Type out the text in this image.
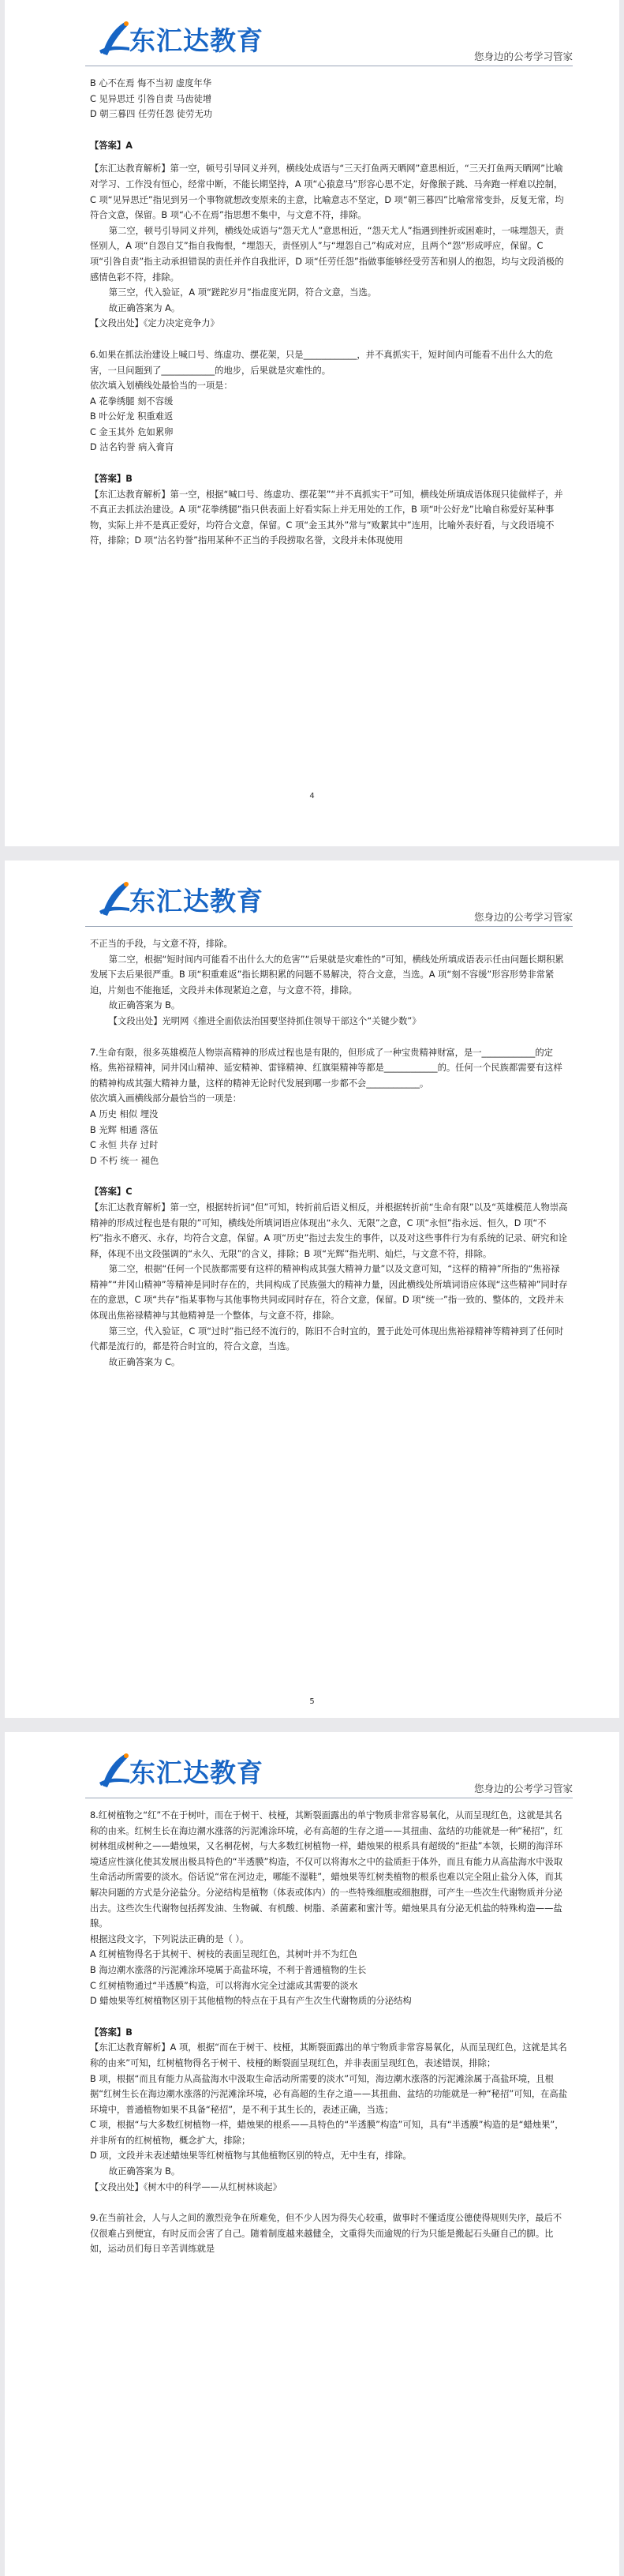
东汇达教育
您身边的公考学习管家

B 心不在焉 悔不当初 虚度年华

C 见异思迁 引咎自责 马齿徒增

D 朝三暮四 任劳任怨 徒劳无功

【答案】A

【东汇达教育解析】第一空，顿号引导同义并列，横线处成语与“三天打鱼两天晒网”意思相近，“三天打鱼两天晒网”比喻对学习、工作没有恒心，经常中断，不能长期坚持，A 项“心猿意马”形容心思不定，好像猴子跳、马奔跑一样难以控制，C 项“见异思迁”指见到另一个事物就想改变原来的主意，比喻意志不坚定，D 项“朝三暮四”比喻常常变卦，反复无常，均符合文意，保留。B 项“心不在焉”指思想不集中，与文意不符，排除。

第二空，顿号引导同义并列，横线处成语与“怨天尤人”意思相近，“怨天尤人”指遇到挫折或困难时，一味埋怨天，责怪别人，A 项“自怨自艾”指自我悔恨，“埋怨天，责怪别人”与“埋怨自己”构成对应，且两个“怨”形成呼应，保留。C 项“引咎自责”指主动承担错误的责任并作自我批评，D 项“任劳任怨”指做事能够经受劳苦和别人的抱怨，均与文段消极的感情色彩不符，排除。

第三空，代入验证，A 项“蹉跎岁月”指虚度光阴，符合文意，当选。

故正确答案为 A。

【文段出处】《定力决定竞争力》

6.如果在抓法治建设上喊口号、练虚功、摆花架，只是____________，并不真抓实干，短时间内可能看不出什么大的危害，一旦问题到了____________的地步，后果就是灾难性的。

依次填入划横线处最恰当的一项是：

A 花拳绣腿 刻不容缓

B 叶公好龙 积重难返

C 金玉其外 危如累卵

D 沽名钓誉 病入膏肓

【答案】B

【东汇达教育解析】第一空，根据“喊口号、练虚功、摆花架”“并不真抓实干”可知，横线处所填成语体现只徒做样子，并不真正去抓法治建设。A 项“花拳绣腿”指只供表面上好看实际上并无用处的工作，B 项“叶公好龙”比喻自称爱好某种事物，实际上并不是真正爱好，均符合文意，保留。C 项“金玉其外”常与“败絮其中”连用，比喻外表好看，与文段语境不符，排除；D 项“沽名钓誉”指用某种不正当的手段捞取名誉，文段并未体现使用

4
东汇达教育
您身边的公考学习管家

不正当的手段，与文意不符，排除。

第二空，根据“短时间内可能看不出什么大的危害”“后果就是灾难性的”可知，横线处所填成语表示任由问题长期积累发展下去后果很严重。B 项“积重难返”指长期积累的问题不易解决，符合文意，当选。A 项“刻不容缓”形容形势非常紧迫，片刻也不能拖延，文段并未体现紧迫之意，与文意不符，排除。

故正确答案为 B。

【文段出处】光明网《推进全面依法治国要坚持抓住领导干部这个“关键少数”》

7.生命有限，很多英雄模范人物崇高精神的形成过程也是有限的，但形成了一种宝贵精神财富，是一____________的定格。焦裕禄精神，同井冈山精神、延安精神、雷锋精神、红旗渠精神等都是____________的。任何一个民族都需要有这样的精神构成其强大精神力量，这样的精神无论时代发展到哪一步都不会____________。

依次填入画横线部分最恰当的一项是：

A 历史 相似 埋没

B 光辉 相通 落伍

C 永恒 共存 过时

D 不朽 统一 褪色

【答案】C

【东汇达教育解析】第一空，根据转折词“但”可知，转折前后语义相反，并根据转折前“生命有限”以及“英雄模范人物崇高精神的形成过程也是有限的”可知，横线处所填词语应体现出“永久、无限”之意，C 项“永恒”指永远、恒久，D 项“不朽”指永不磨灭、永存，均符合文意，保留。A 项“历史”指过去发生的事件，以及对这些事件行为有系统的记录、研究和诠释，体现不出文段强调的“永久、无限”的含义，排除；B 项“光辉”指光明、灿烂，与文意不符，排除。

第二空，根据“任何一个民族都需要有这样的精神构成其强大精神力量”以及文意可知，“这样的精神”所指的“焦裕禄精神”“井冈山精神”等精神是同时存在的，共同构成了民族强大的精神力量，因此横线处所填词语应体现“这些精神”同时存在的意思，C 项“共存”指某事物与其他事物共同或同时存在，符合文意，保留。D 项“统一”指一致的、整体的，文段并未体现出焦裕禄精神与其他精神是一个整体，与文意不符，排除。

第三空，代入验证，C 项“过时”指已经不流行的，陈旧不合时宜的，置于此处可体现出焦裕禄精神等精神到了任何时代都是流行的，都是符合时宜的，符合文意，当选。

故正确答案为 C。

5
东汇达教育
您身边的公考学习管家

8.红树植物之“红”不在于树叶，而在于树干、枝桠，其断裂面露出的单宁物质非常容易氧化，从而呈现红色，这就是其名称的由来。红树生长在海边潮水涨落的污泥滩涂环境，必有高超的生存之道——其扭曲、盆结的功能就是一种“秘招”，红树林组成树种之——蜡烛果，又名桐花树，与大多数红树植物一样，蜡烛果的根系具有超级的“拒盐”本领，长期的海洋环境适应性演化使其发展出极具特色的“半透膜”构造，不仅可以将海水之中的盐质拒于体外，而且有能力从高盐海水中汲取生命活动所需要的淡水。俗话说“常在河边走，哪能不湿鞋”，蜡烛果等红树类植物的根系也难以完全阻止盐分入体，而其解决问题的方式是分泌盐分。分泌结构是植物（体表或体内）的一些特殊细胞或细胞群，可产生一些次生代谢物质并分泌出去。这些次生代谢物包括挥发油、生物碱、有机酸、树脂、杀菌素和蜜汁等。蜡烛果具有分泌无机盐的特殊构造——盐腺。

根据这段文字，下列说法正确的是（ ）。

A 红树植物得名于其树干、树枝的表面呈现红色，其树叶并不为红色

B 海边潮水涨落的污泥滩涂环境属于高盐环境，不利于普通植物的生长

C 红树植物通过“半透膜”构造，可以将海水完全过滤成其需要的淡水

D 蜡烛果等红树植物区别于其他植物的特点在于具有产生次生代谢物质的分泌结构

【答案】B

【东汇达教育解析】A 项，根据“而在于树干、枝桠，其断裂面露出的单宁物质非常容易氧化，从而呈现红色，这就是其名称的由来”可知，红树植物得名于树干、枝桠的断裂面呈现红色，并非表面呈现红色，表述错误，排除；

B 项，根据“而且有能力从高盐海水中汲取生命活动所需要的淡水”可知，海边潮水涨落的污泥滩涂属于高盐环境，且根据“红树生长在海边潮水涨落的污泥滩涂环境，必有高超的生存之道——其扭曲、盆结的功能就是一种“秘招”可知，在高盐环境中，普通植物如果不具备“秘招”，是不利于其生长的，表述正确，当选；

C 项，根据“与大多数红树植物一样，蜡烛果的根系——具特色的“半透膜”构造”可知，具有“半透膜”构造的是“蜡烛果”，并非所有的红树植物，概念扩大，排除；

D 项，文段并未表述蜡烛果等红树植物与其他植物区别的特点，无中生有，排除。

故正确答案为 B。

【文段出处】《树木中的科学——从红树林谈起》

9.在当前社会，人与人之间的激烈竞争在所难免，但不少人因为得失心较重，做事时不懂适度公德使得规则失序，最后不仅很难占到便宜，有时反而会害了自己。随着制度越来越健全，文重得失而逾规的行为只能是搬起石头砸自己的脚。比如，运动员们每日辛苦训练就是
